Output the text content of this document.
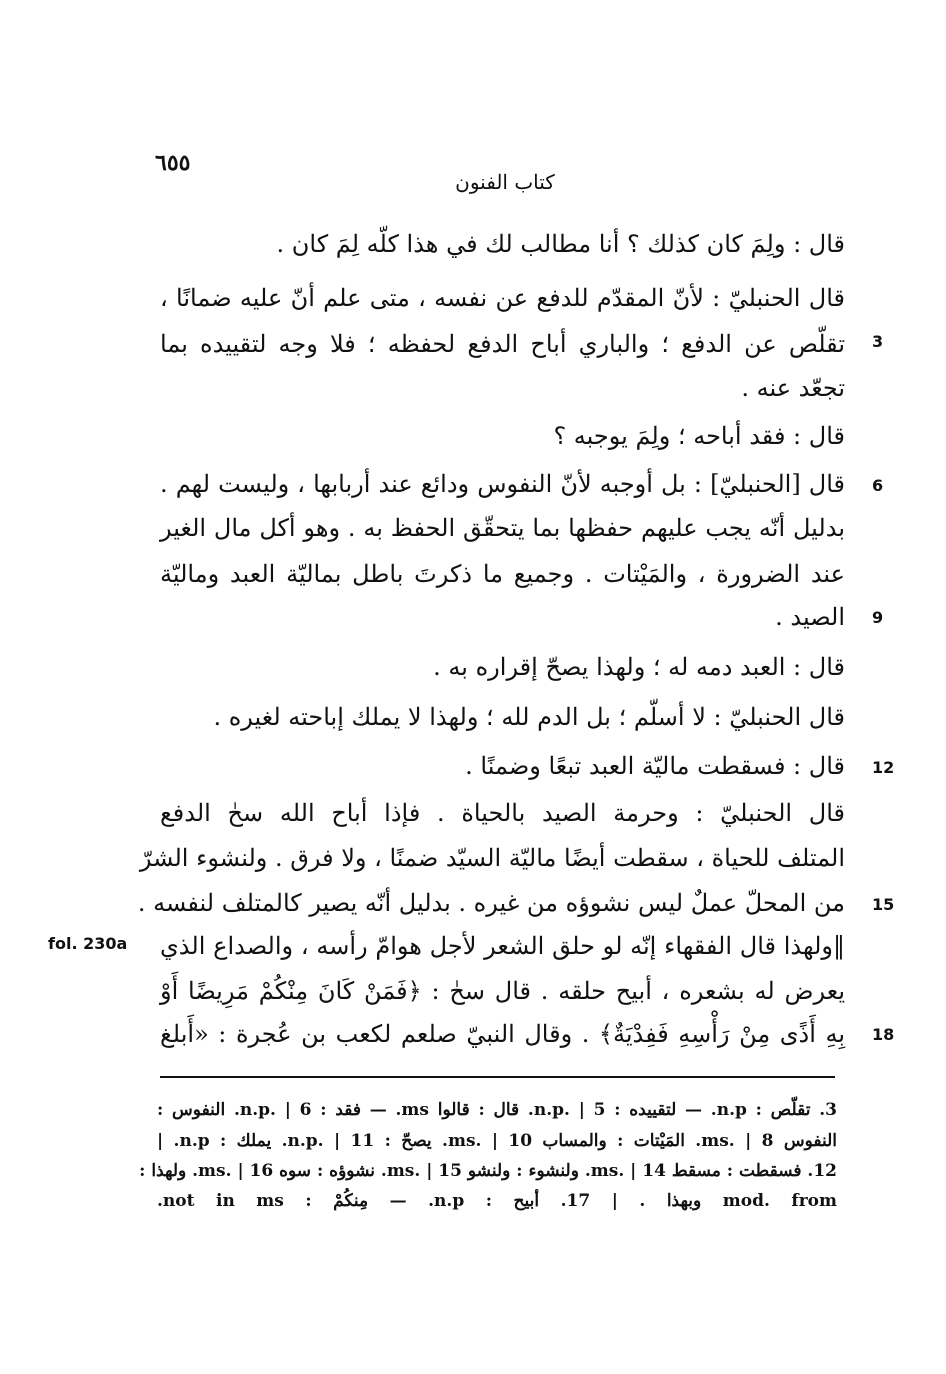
٦٥٥
كتاب الفنون
قال : ولِمَ كان كذلك ؟ أنا مطالب لك في هذا كلّه لِمَ كان .
قال الحنبليّ : لأنّ المقدّم للدفع عن نفسه ، متى علم أنّ عليه ضمانًا ،
تقلّص عن الدفع ؛ والباري أباح الدفع لحفظه ؛ فلا وجه لتقييده بما 3
تجعّد عنه .
قال : فقد أباحه ؛ ولِمَ يوجبه ؟
قال [الحنبليّ] : بل أوجبه لأنّ النفوس ودائع عند أربابها ، وليست لهم . 6
بدليل أنّه يجب عليهم حفظها بما يتحقّق الحفظ به . وهو أكل مال الغير
عند الضرورة ، والمَيْتات . وجميع ما ذكرتَ باطل بماليّة العبد وماليّة
الصيد . 9
قال : العبد دمه له ؛ ولهذا يصحّ إقراره به .
قال الحنبليّ : لا أسلّم ؛ بل الدم لله ؛ ولهذا لا يملك إباحته لغيره .
قال : فسقطت ماليّة العبد تبعًا وضمنًا . 12
قال الحنبليّ : وحرمة الصيد بالحياة . فإذا أباح الله سحٰ الدفع
المتلف للحياة ، سقطت أيضًا ماليّة السيّد ضمنًا ، ولا فرق . ولنشوء الشرّ
من المحلّ عملٌ ليس نشوؤه من غيره . بدليل أنّه يصير كالمتلف لنفسه . 15
‖ولهذا قال الفقهاء إنّه لو حلق الشعر لأجل هوامّ رأسه ، والصداع الذي
يعرض له بشعره ، أبيح حلقه . قال سحٰ : ﴿فَمَنْ كَانَ مِنْكُمْ مَرِيضًا أَوْ
بِهِ أَذًى مِنْ رَأْسِهِ فَفِدْيَةٌ﴾ . وقال النبيّ صلعم لكعب بن عُجرة : «أَبلغ 18
fol. 230a
3. تقلّص : n.p. — لتقييده : n.p. | 5. قال : قالوا ms. — فقد : n.p. | 6. النفوس :
النفوس ms. | 8. المَيْتات : والمساب ms. | 10. يصحّ : n.p. | 11. يملك : n.p. |
12. فسقطت : مسقط ms. | 14. ولنشوء : ولنشو ms. | 15. نشوؤه : سوه ms. | 16. ولهذا :
mod. from وبهذا . | 17. أبيح : n.p. — مِنكُمْ : not in ms.
